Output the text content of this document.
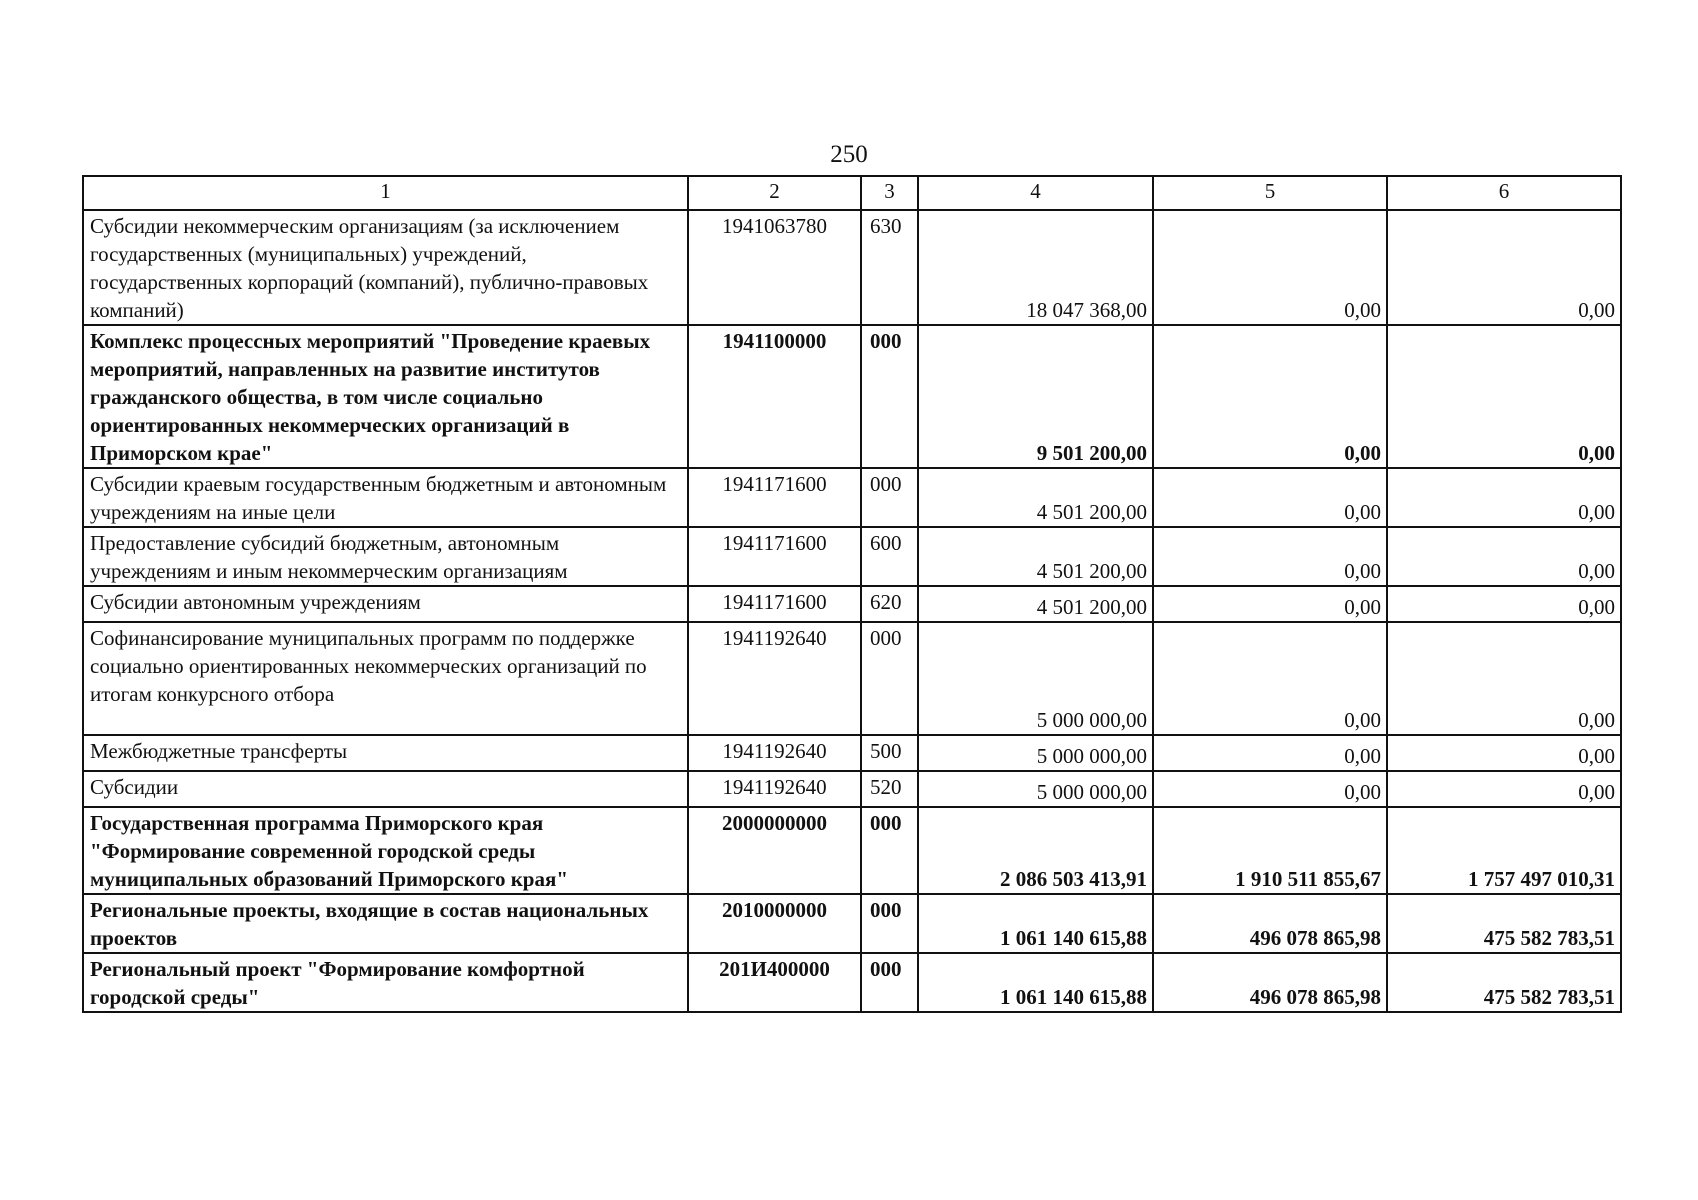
250
1	2	3	4	5	6
Субсидии некоммерческим организациям (за исключением государственных (муниципальных) учреждений, государственных корпораций (компаний), публично-правовых компаний)	1941063780	630	18 047 368,00	0,00	0,00
Комплекс процессных мероприятий "Проведение краевых мероприятий, направленных на развитие институтов гражданского общества, в том числе социально ориентированных некоммерческих организаций в Приморском крае"	1941100000	000	9 501 200,00	0,00	0,00
Субсидии краевым государственным бюджетным и автономным учреждениям на иные цели	1941171600	000	4 501 200,00	0,00	0,00
Предоставление субсидий бюджетным, автономным учреждениям и иным некоммерческим организациям	1941171600	600	4 501 200,00	0,00	0,00
Субсидии автономным учреждениям	1941171600	620	4 501 200,00	0,00	0,00
Софинансирование муниципальных программ по поддержке социально ориентированных некоммерческих организаций по итогам конкурсного отбора	1941192640	000	5 000 000,00	0,00	0,00
Межбюджетные трансферты	1941192640	500	5 000 000,00	0,00	0,00
Субсидии	1941192640	520	5 000 000,00	0,00	0,00
Государственная программа Приморского края "Формирование современной городской среды муниципальных образований Приморского края"	2000000000	000	2 086 503 413,91	1 910 511 855,67	1 757 497 010,31
Региональные проекты, входящие в состав национальных проектов	2010000000	000	1 061 140 615,88	496 078 865,98	475 582 783,51
Региональный проект "Формирование комфортной городской среды"	201И400000	000	1 061 140 615,88	496 078 865,98	475 582 783,51
